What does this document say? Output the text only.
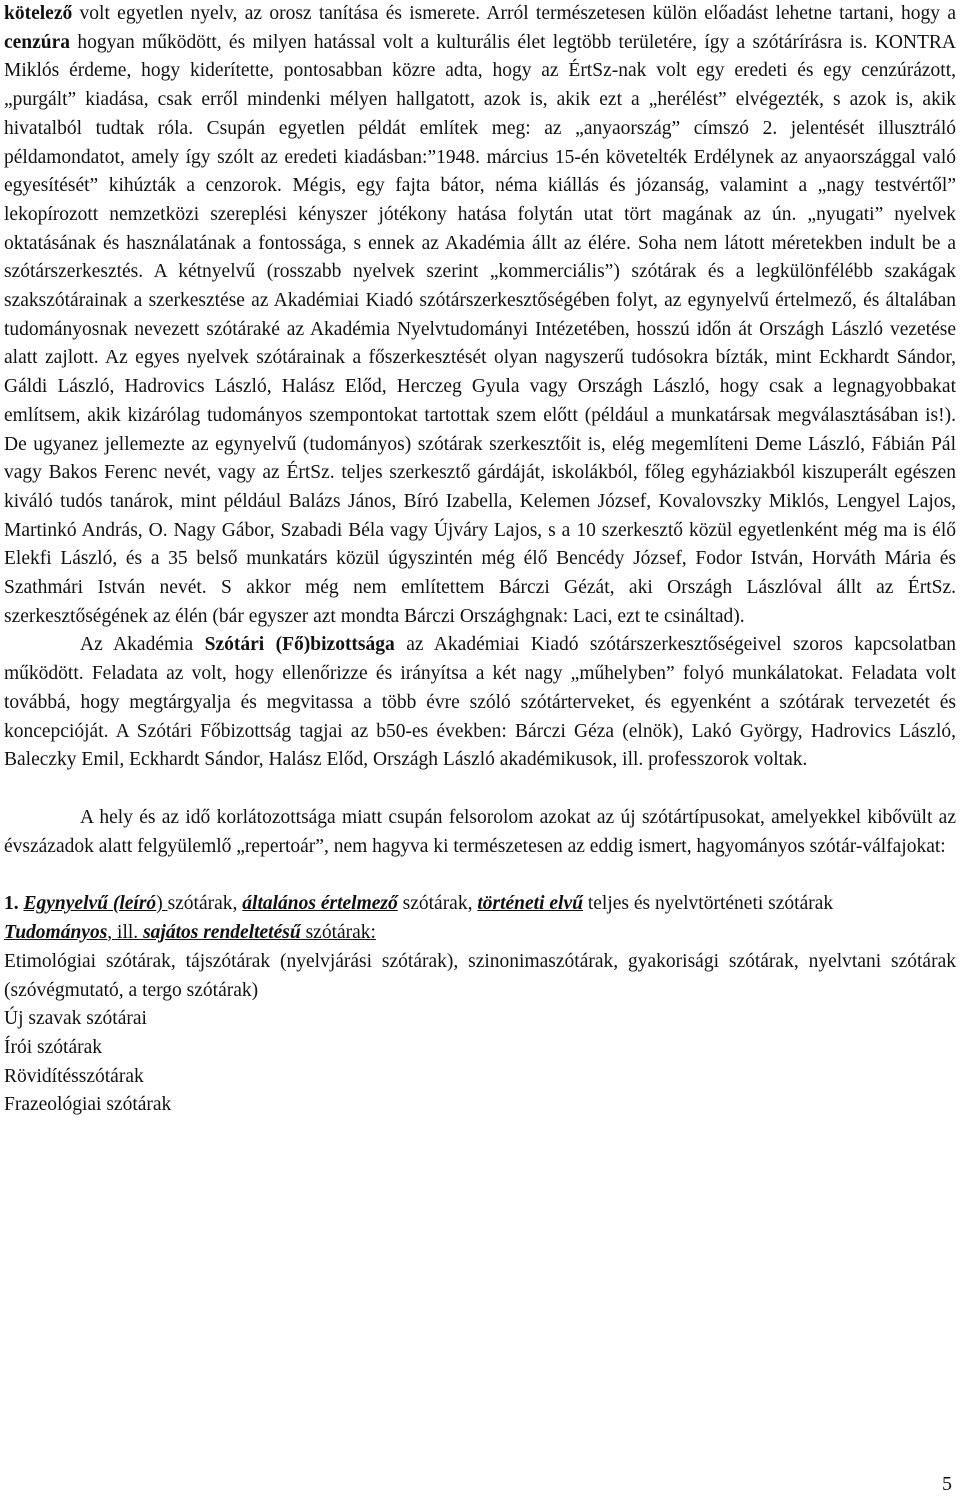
kötelező volt egyetlen nyelv, az orosz tanítása és ismerete. Arról természetesen külön előadást lehetne tartani, hogy a cenzúra hogyan működött, és milyen hatással volt a kulturális élet legtöbb területére, így a szótárírásra is. KONTRA Miklós érdeme, hogy kiderítette, pontosabban közre adta, hogy az ÉrtSz-nak volt egy eredeti és egy cenzúrázott, „purgált” kiadása, csak erről mindenki mélyen hallgatott, azok is, akik ezt a „herélést” elvégezték, s azok is, akik hivatalból tudtak róla. Csupán egyetlen példát említek meg: az „anyaország” címszó 2. jelentését illusztráló példamondatot, amely így szólt az eredeti kiadásban:”1948. március 15-én követelték Erdélynek az anyaországgal való egyesítését” kihúzták a cenzorok. Mégis, egy fajta bátor, néma kiállás és józanság, valamint a „nagy testvértől” lekopírozott nemzetközi szereplési kényszer jótékony hatása folytán utat tört magának az ún. „nyugati” nyelvek oktatásának és használatának a fontossága, s ennek az Akadémia állt az élére. Soha nem látott méretekben indult be a szótárszerkesztés. A kétnyelvű (rosszabb nyelvek szerint „kommerciális”) szótárak és a legkülönfélébb szakágak szakszótárainak a szerkesztése az Akadémiai Kiadó szótárszerkesztőségében folyt, az egynyelvű értelmező, és általában tudományosnak nevezett szótáraké az Akadémia Nyelvtudományi Intézetében, hosszú időn át Országh László vezetése alatt zajlott. Az egyes nyelvek szótárainak a főszerkesztését olyan nagyszerű tudósokra bízták, mint Eckhardt Sándor, Gáldi László, Hadrovics László, Halász Előd, Herczeg Gyula vagy Országh László, hogy csak a legnagyobbakat említsem, akik kizárólag tudományos szempontokat tartottak szem előtt (például a munkatársak megválasztásában is!). De ugyanez jellemezte az egynyelvű (tudományos) szótárak szerkesztőit is, elég megemlíteni Deme László, Fábián Pál vagy Bakos Ferenc nevét, vagy az ÉrtSz. teljes szerkesztő gárdáját, iskolákból, főleg egyháziakból kiszuperált egészen kiváló tudós tanárok, mint például Balázs János, Bíró Izabella, Kelemen József, Kovalovszky Miklós, Lengyel Lajos, Martinkó András, O. Nagy Gábor, Szabadi Béla vagy Újváry Lajos, s a 10 szerkesztő közül egyetlenként még ma is élő Elekfi László, és a 35 belső munkatárs közül úgyszintén még élő Bencédy József, Fodor István, Horváth Mária és Szathmári István nevét. S akkor még nem említettem Bárczi Gézát, aki Országh Lászlóval állt az ÉrtSz. szerkesztőségének az élén (bár egyszer azt mondta Bárczi Országhgnak: Laci, ezt te csináltad).

Az Akadémia Szótári (Fő)bizottsága az Akadémiai Kiadó szótárszerkesztőségeivel szoros kapcsolatban működött. Feladata az volt, hogy ellenőrizze és irányítsa a két nagy „műhelyben” folyó munkálatokat. Feladata volt továbbá, hogy megtárgyalja és megvitassa a több évre szóló szótárterveket, és egyenként a szótárak tervezetét és koncepcióját. A Szótári Főbizottság tagjai az b50-es években: Bárczi Géza (elnök), Lakó György, Hadrovics László, Baleczky Emil, Eckhardt Sándor, Halász Előd, Országh László akadémikusok, ill. professzorok voltak.

A hely és az idő korlátozottsága miatt csupán felsorolom azokat az új szótártípusokat, amelyekkel kibővült az évszázadok alatt felgyülemlő „repertoár”, nem hagyva ki természetesen az eddig ismert, hagyományos szótár-válfajokat:

1. Egynyelvű (leíró) szótárak, általános értelmező szótárak, történeti elvű teljes és nyelvtörténeti szótárak

Tudományos, ill. sajátos rendeltetésű szótárak:

Etimológiai szótárak, tájszótárak (nyelvjárási szótárak), szinonimaszótárak, gyakorisági szótárak, nyelvtani szótárak (szóvégmutató, a tergo szótárak)

Új szavak szótárai

Írói szótárak

Rövidítésszótárak

Frazeológiai szótárak

5
